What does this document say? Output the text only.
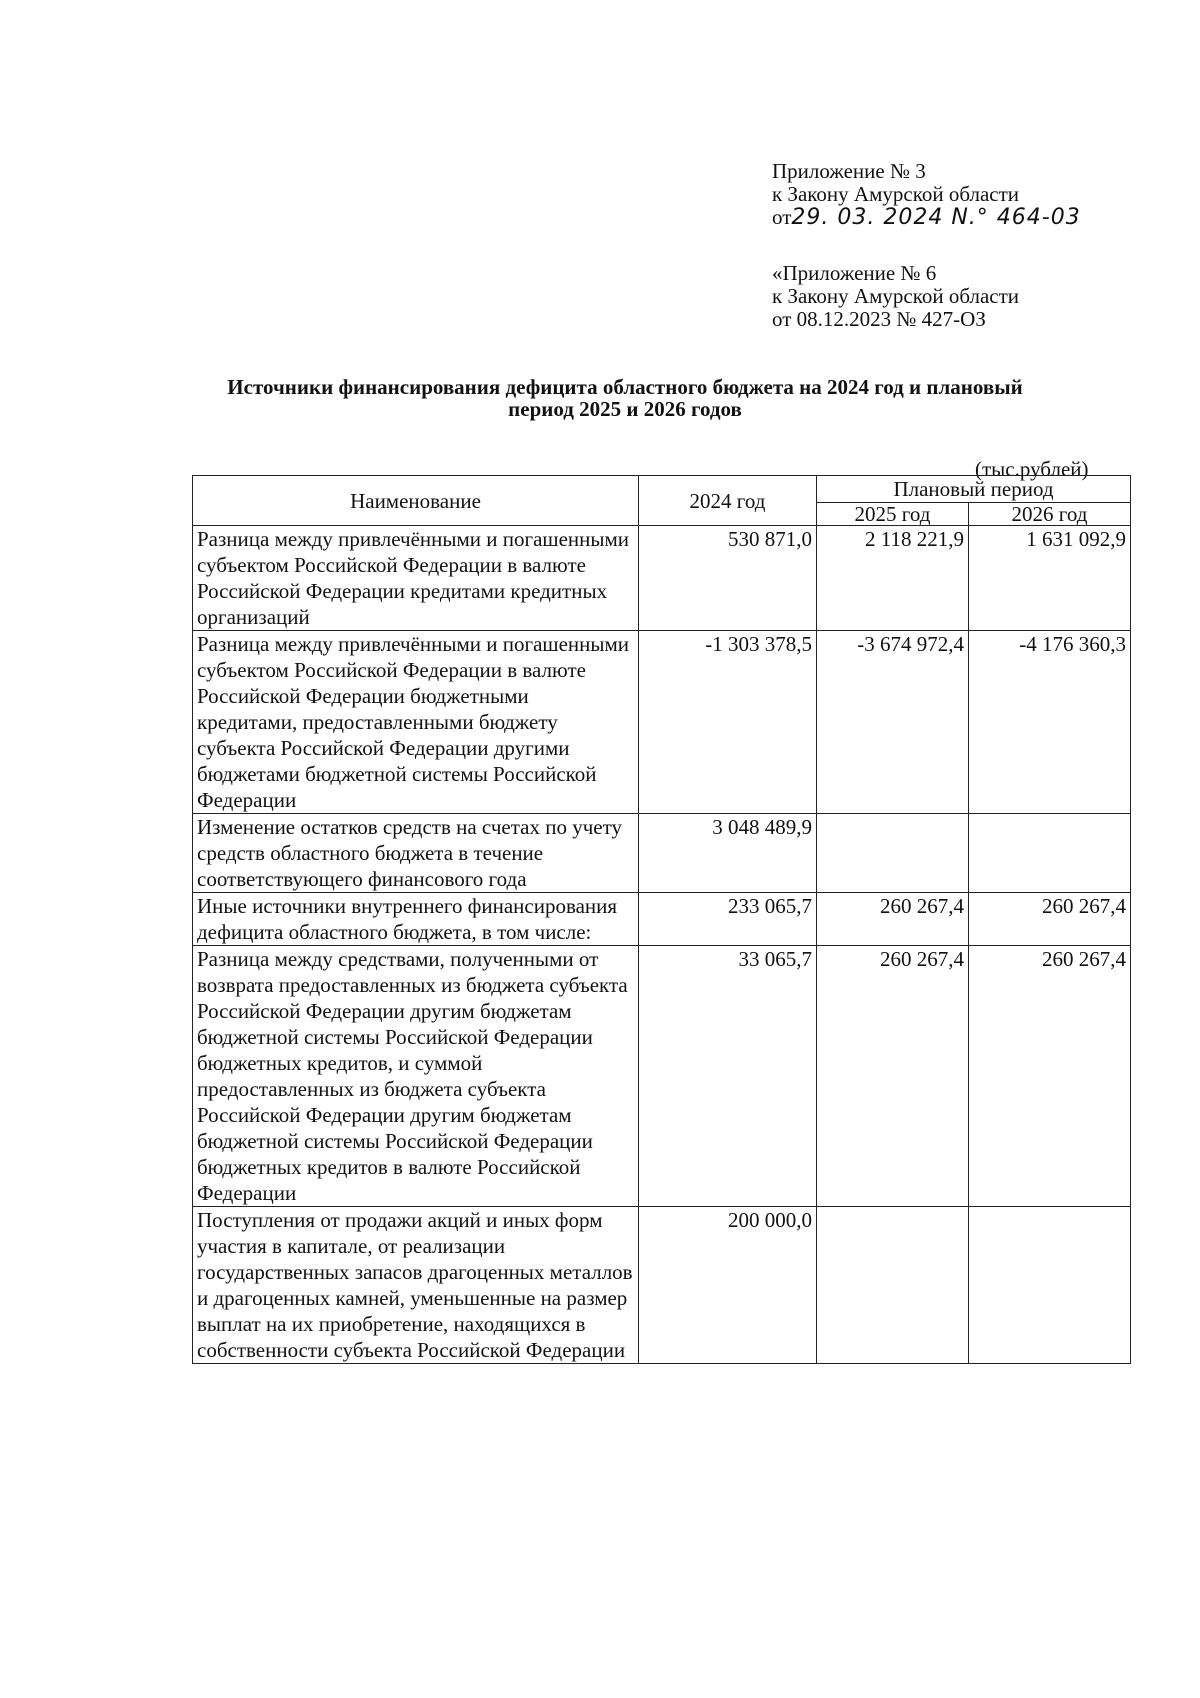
Приложение № 3
к Закону Амурской области
от29. 03. 2024 N.° 464-03
«Приложение № 6
к Закону Амурской области
от 08.12.2023 № 427-ОЗ
Источники финансирования дефицита областного бюджета на 2024 год и плановый
период 2025 и 2026 годов
(тыс.рублей)
Наименование	2024 год	Плановый период	
		2025 год	2026 год
Разница между привлечёнными и погашенными субъектом Российской Федерации в валюте Российской Федерации кредитами кредитных организаций	530 871,0	2 118 221,9	1 631 092,9
Разница между привлечёнными и погашенными субъектом Российской Федерации в валюте Российской Федерации бюджетными кредитами, предоставленными бюджету субъекта Российской Федерации другими бюджетами бюджетной системы Российской Федерации	-1 303 378,5	-3 674 972,4	-4 176 360,3
Изменение остатков средств на счетах по учету средств областного бюджета в течение соответствующего финансового года	3 048 489,9		
Иные источники внутреннего финансирования дефицита областного бюджета, в том числе:	233 065,7	260 267,4	260 267,4
Разница между средствами, полученными от возврата предоставленных из бюджета субъекта Российской Федерации другим бюджетам бюджетной системы Российской Федерации бюджетных кредитов, и суммой предоставленных из бюджета субъекта Российской Федерации другим бюджетам бюджетной системы Российской Федерации бюджетных кредитов в валюте Российской Федерации	33 065,7	260 267,4	260 267,4
Поступления от продажи акций и иных форм участия в капитале, от реализации государственных запасов драгоценных металлов и драгоценных камней, уменьшенные на размер выплат на их приобретение, находящихся в собственности субъекта Российской Федерации	200 000,0		
